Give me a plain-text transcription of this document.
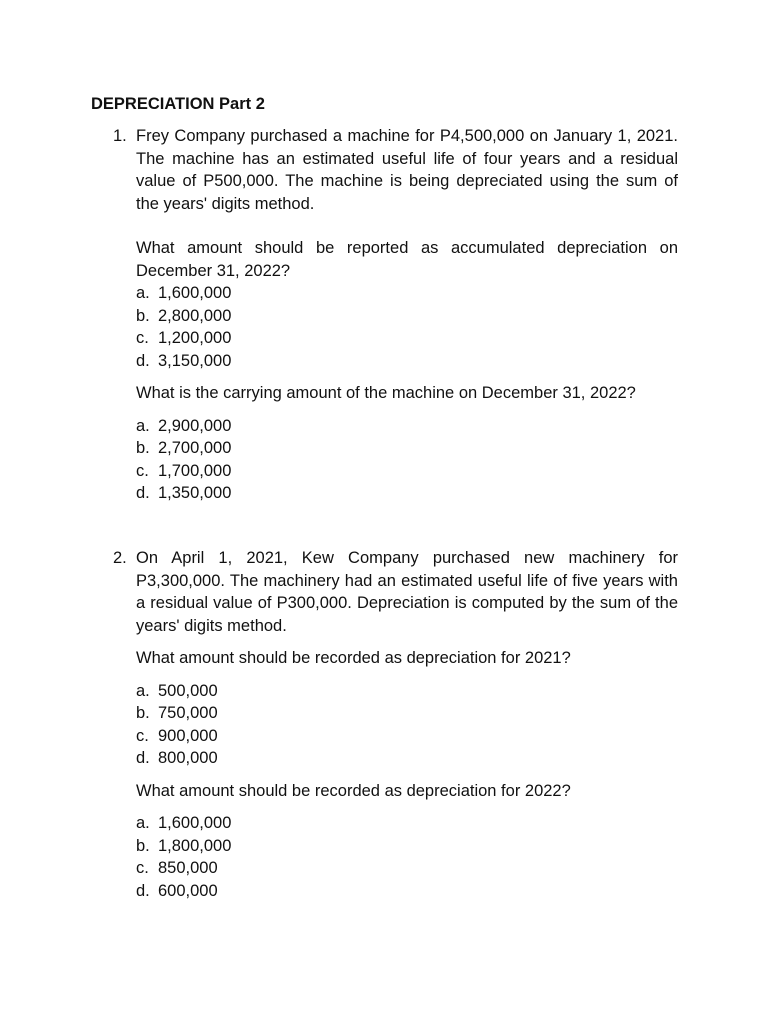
DEPRECIATION Part 2
1. Frey Company purchased a machine for P4,500,000 on January 1, 2021. The machine has an estimated useful life of four years and a residual value of P500,000. The machine is being depreciated using the sum of the years' digits method.

What amount should be reported as accumulated depreciation on December 31, 2022?

a. 1,600,000
b. 2,800,000
c. 1,200,000
d. 3,150,000

What is the carrying amount of the machine on December 31, 2022?

a. 2,900,000
b. 2,700,000
c. 1,700,000
d. 1,350,000
2. On April 1, 2021, Kew Company purchased new machinery for P3,300,000. The machinery had an estimated useful life of five years with a residual value of P300,000. Depreciation is computed by the sum of the years' digits method.

What amount should be recorded as depreciation for 2021?

a. 500,000
b. 750,000
c. 900,000
d. 800,000

What amount should be recorded as depreciation for 2022?

a. 1,600,000
b. 1,800,000
c. 850,000
d. 600,000
